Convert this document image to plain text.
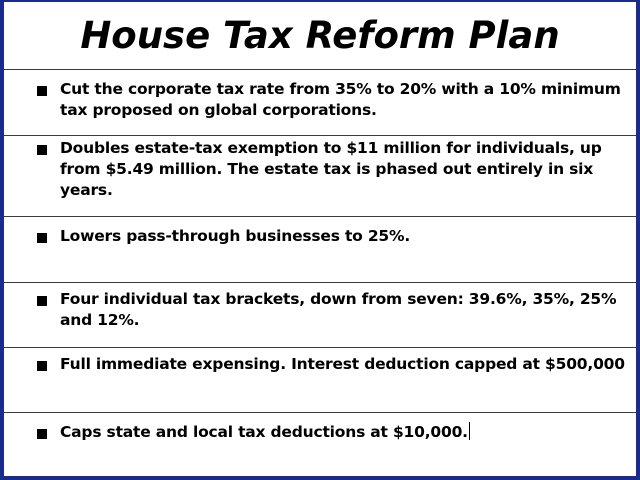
House Tax Reform Plan
Cut the corporate tax rate from 35% to 20% with a 10% minimum tax proposed on global corporations.
Doubles estate-tax exemption to $11 million for individuals, up from $5.49 million. The estate tax is phased out entirely in six years.
Lowers pass-through businesses to 25%.
Four individual tax brackets, down from seven: 39.6%, 35%, 25% and 12%.
Full immediate expensing. Interest deduction capped at $500,000
Caps state and local tax deductions at $10,000.
